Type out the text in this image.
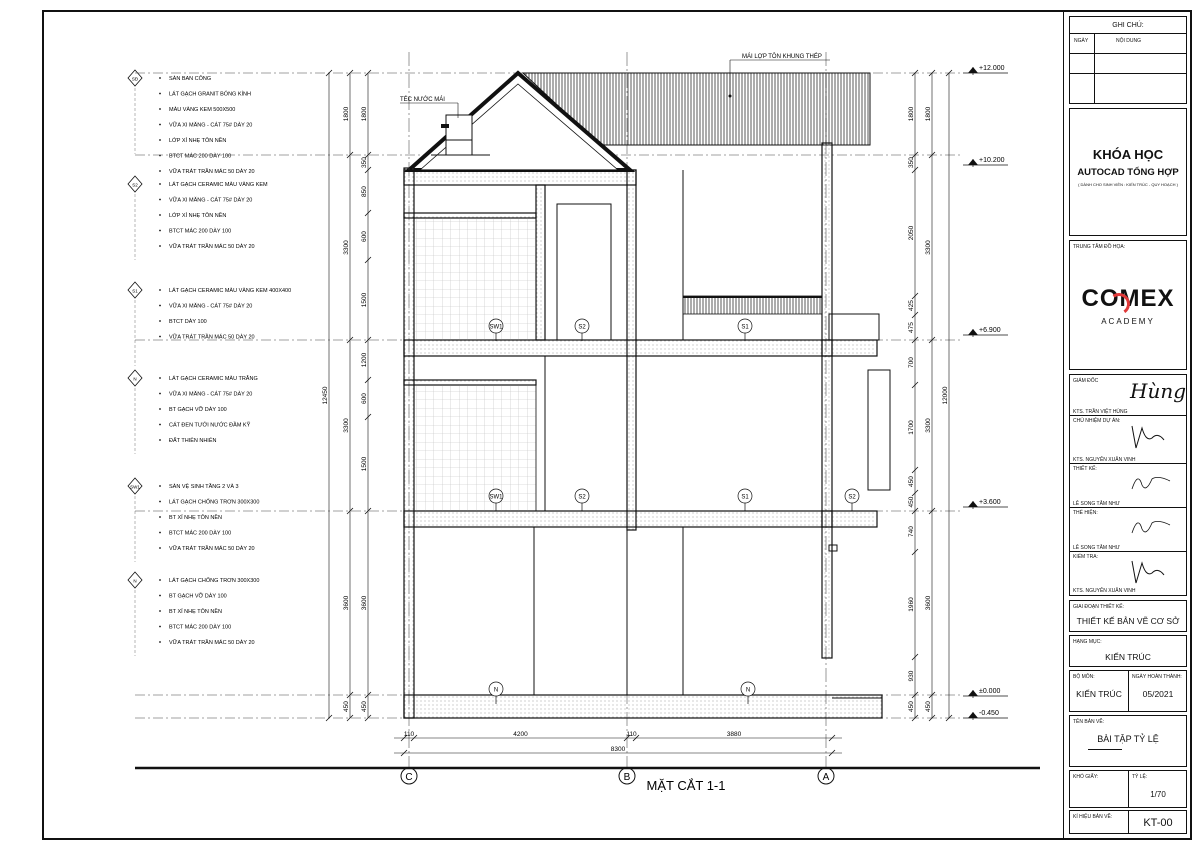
SĐ	SÀN BAN CÔNG
LÁT GẠCH GRANIT BÓNG KÍNH
MÀU VÀNG KEM 500X500
VỮA XI MĂNG - CÁT 75# DÀY 20
LỚP XỈ NHẸ TÔN NỀN
BTCT MÁC 200 DÀY 100
VỮA TRÁT TRẦN MÁC 50 DÀY 20
S2	LÁT GẠCH CERAMIC MÀU VÀNG KEM
VỮA XI MĂNG - CÁT 75# DÀY 20
LỚP XỈ NHẸ TÔN NỀN
BTCT MÁC 200 DÀY 100
VỮA TRÁT TRẦN MÁC 50 DÀY 20
S1	LÁT GẠCH CERAMIC MÀU VÀNG KEM 400X400
VỮA XI MĂNG - CÁT 75# DÀY 20
BTCT DÀY 100
VỮA TRÁT TRẦN MÁC 50 DÀY 20
N	LÁT GẠCH CERAMIC MÀU TRẮNG
VỮA XI MĂNG - CÁT 75# DÀY 20
BT GẠCH VỠ DÀY 100
CÁT ĐEN TƯỚI NƯỚC ĐẦM KỸ
ĐẤT THIÊN NHIÊN
SW1	SÀN VỆ SINH TẦNG 2 VÀ 3
LÁT GẠCH CHỐNG TRƠN 300X300
BT XỈ NHẸ TÔN NỀN
BTCT MÁC 200 DÀY 100
VỮA TRÁT TRẦN MÁC 50 DÀY 20
N	LÁT GẠCH CHỐNG TRƠN 300X300
BT GẠCH VỠ DÀY 100
BT XỈ NHẸ TÔN NỀN
BTCT MÁC 200 DÀY 100
VỮA TRÁT TRẦN MÁC 50 DÀY 20
+12.000
+10.200
+6.900
+3.600
±0.000
-0.450
1800
350
850
600
1500
1200
600
1500
3600
450
1800
3300
3300
3600
450
12450
1800
350
2050
425
475
700
1700
450
450
740
1960
930
450
1800
3300
3300
3600
450
12000
110	4200	110	3880
8300
SW1	S2	S1
SW1	S2	S1	S2
N	N
C	B	A
MẶT CẮT 1-1
MÁI LỢP TÔN KHUNG THÉP
TÉC NƯỚC MÁI
GHI CHÚ:
NGÀY	NỘI DUNG
KHÓA HỌC
AUTOCAD TỔNG HỢP
( DÀNH CHO SINH VIÊN : KIẾN TRÚC - QUY HOẠCH )
TRUNG TÂM ĐỒ HỌA:
COMEX
ACADEMY
GIÁM ĐỐC Hùng
KTS. TRẦN VIỆT HÙNG
CHỦ NHIỆM DỰ ÁN:
KTS. NGUYỄN XUÂN VINH
THIẾT KẾ:
LÊ SONG TÂM NHƯ
THỂ HIỆN:
LÊ SONG TÂM NHƯ
KIỂM TRA:
KTS. NGUYỄN XUÂN VINH
GIAI ĐOẠN THIẾT KẾ:
THIẾT KẾ BẢN VẼ CƠ SỞ
HẠNG MỤC:
KIẾN TRÚC
BỘ MÔN:
KIẾN TRÚC
NGÀY HOÀN THÀNH:
05/2021
TÊN BẢN VẼ:
BÀI TẬP TỶ LỆ
KHỔ GIẤY:	TỶ LỆ:
1/70
KÍ HIỆU BẢN VẼ:	KT-00
